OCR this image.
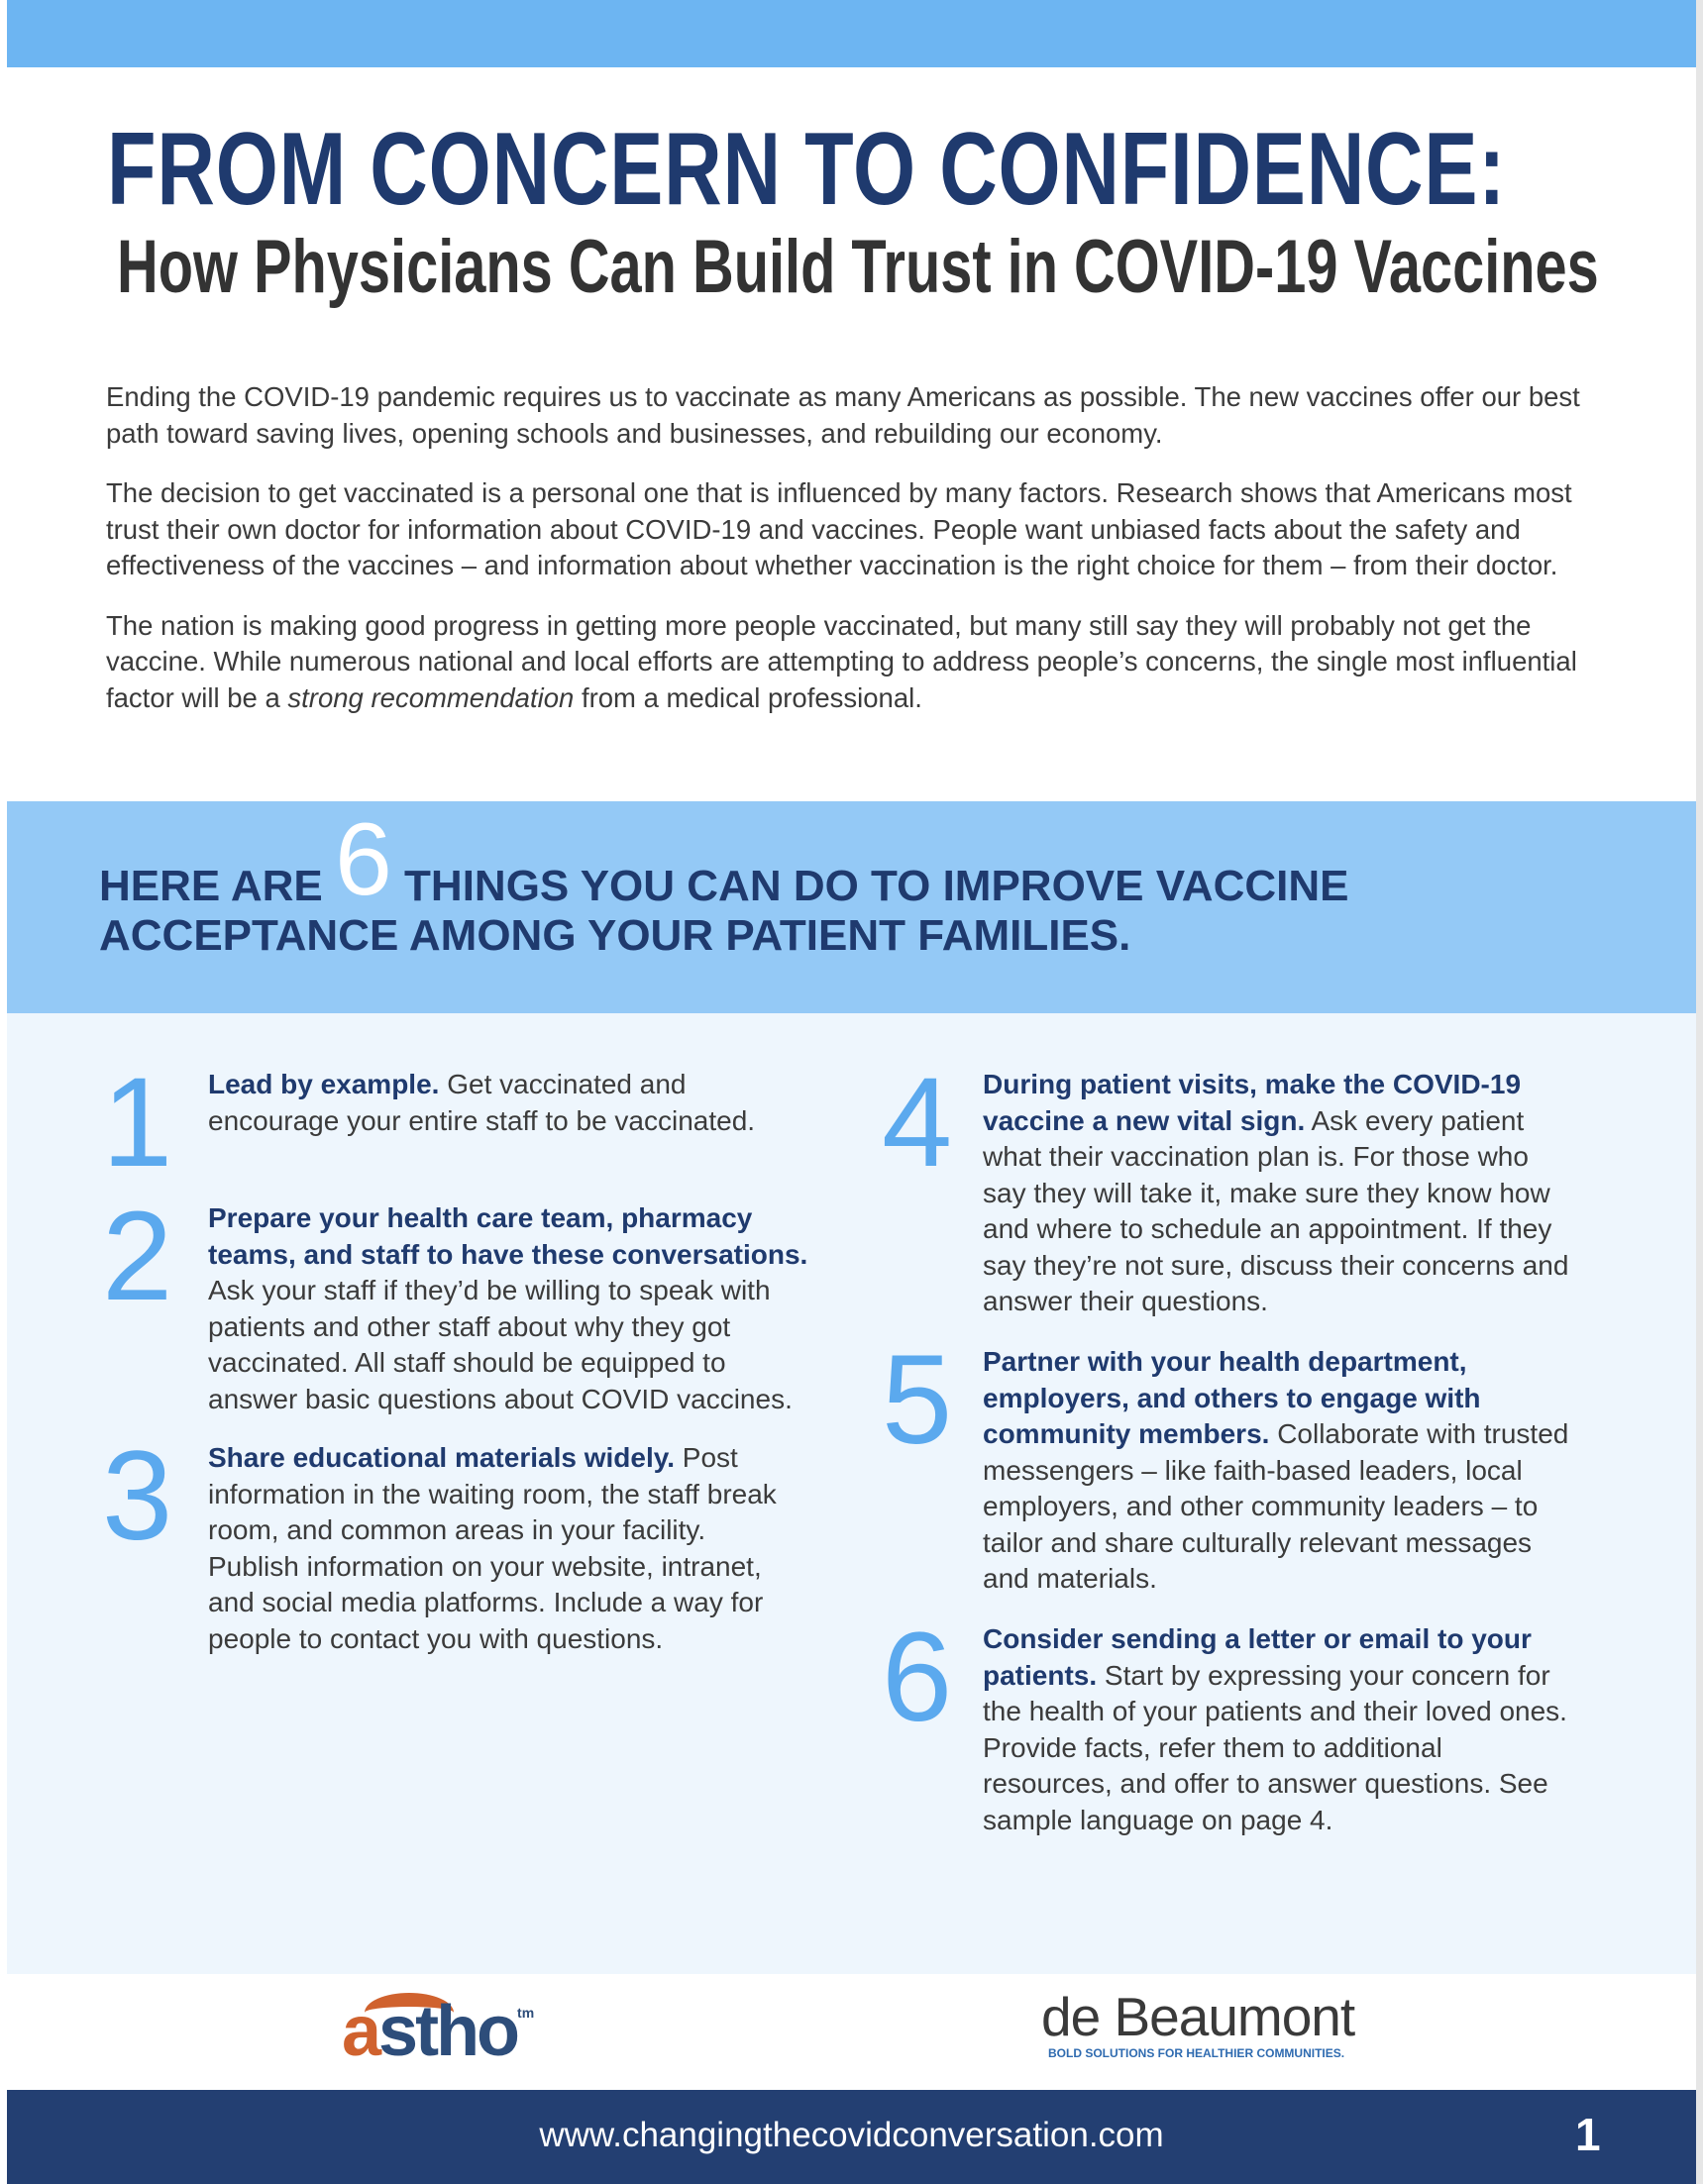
FROM CONCERN TO CONFIDENCE:
How Physicians Can Build Trust in COVID-19 Vaccines

Ending the COVID-19 pandemic requires us to vaccinate as many Americans as possible. The new vaccines offer our best path toward saving lives, opening schools and businesses, and rebuilding our economy.

The decision to get vaccinated is a personal one that is influenced by many factors. Research shows that Americans most trust their own doctor for information about COVID-19 and vaccines. People want unbiased facts about the safety and effectiveness of the vaccines – and information about whether vaccination is the right choice for them – from their doctor.

The nation is making good progress in getting more people vaccinated, but many still say they will probably not get the vaccine. While numerous national and local efforts are attempting to address people’s concerns, the single most influential factor will be a strong recommendation from a medical professional.

HERE ARE 6 THINGS YOU CAN DO TO IMPROVE VACCINE ACCEPTANCE AMONG YOUR PATIENT FAMILIES.
1 Lead by example. Get vaccinated and encourage your entire staff to be vaccinated.
2 Prepare your health care team, pharmacy teams, and staff to have these conversations. Ask your staff if they’d be willing to speak with patients and other staff about why they got vaccinated. All staff should be equipped to answer basic questions about COVID vaccines.
3 Share educational materials widely. Post information in the waiting room, the staff break room, and common areas in your facility. Publish information on your website, intranet, and social media platforms. Include a way for people to contact you with questions.
4 During patient visits, make the COVID-19 vaccine a new vital sign. Ask every patient what their vaccination plan is. For those who say they will take it, make sure they know how and where to schedule an appointment. If they say they’re not sure, discuss their concerns and answer their questions.
5 Partner with your health department, employers, and others to engage with community members. Collaborate with trusted messengers – like faith-based leaders, local employers, and other community leaders – to tailor and share culturally relevant messages and materials.
6 Consider sending a letter or email to your patients. Start by expressing your concern for the health of your patients and their loved ones. Provide facts, refer them to additional resources, and offer to answer questions. See sample language on page 4.
astho$^{tm}$	de Beaumont
BOLD SOLUTIONS FOR HEALTHIER COMMUNITIES.
www.changingthecovidconversation.com	1
